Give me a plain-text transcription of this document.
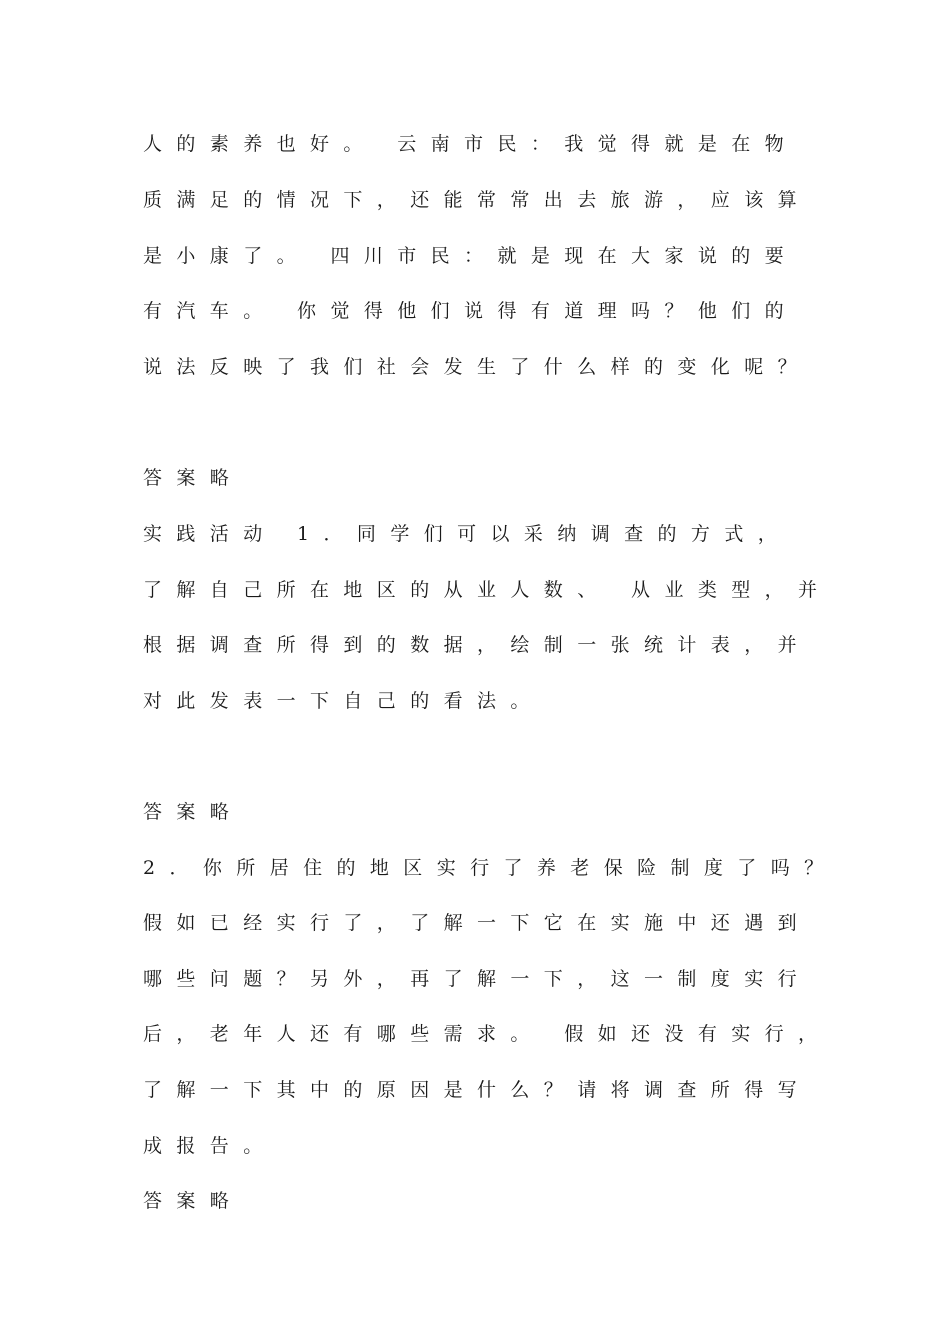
人的素养也好。 云南市民：我觉得就是在物
质满足的情况下，还能常常出去旅游，应该算
是小康了。 四川市民：就是现在大家说的要
有汽车。 你觉得他们说得有道理吗？他们的
说法反映了我们社会发生了什么样的变化呢？
答案略
实践活动 1．同学们可以采纳调查的方式，
了解自己所在地区的从业人数、 从业类型，并
根据调查所得到的数据，绘制一张统计表，并
对此发表一下自己的看法。
答案略
2．你所居住的地区实行了养老保险制度了吗？
假如已经实行了，了解一下它在实施中还遇到
哪些问题？另外，再了解一下，这一制度实行
后，老年人还有哪些需求。 假如还没有实行，
了解一下其中的原因是什么？请将调查所得写
成报告。
答案略
